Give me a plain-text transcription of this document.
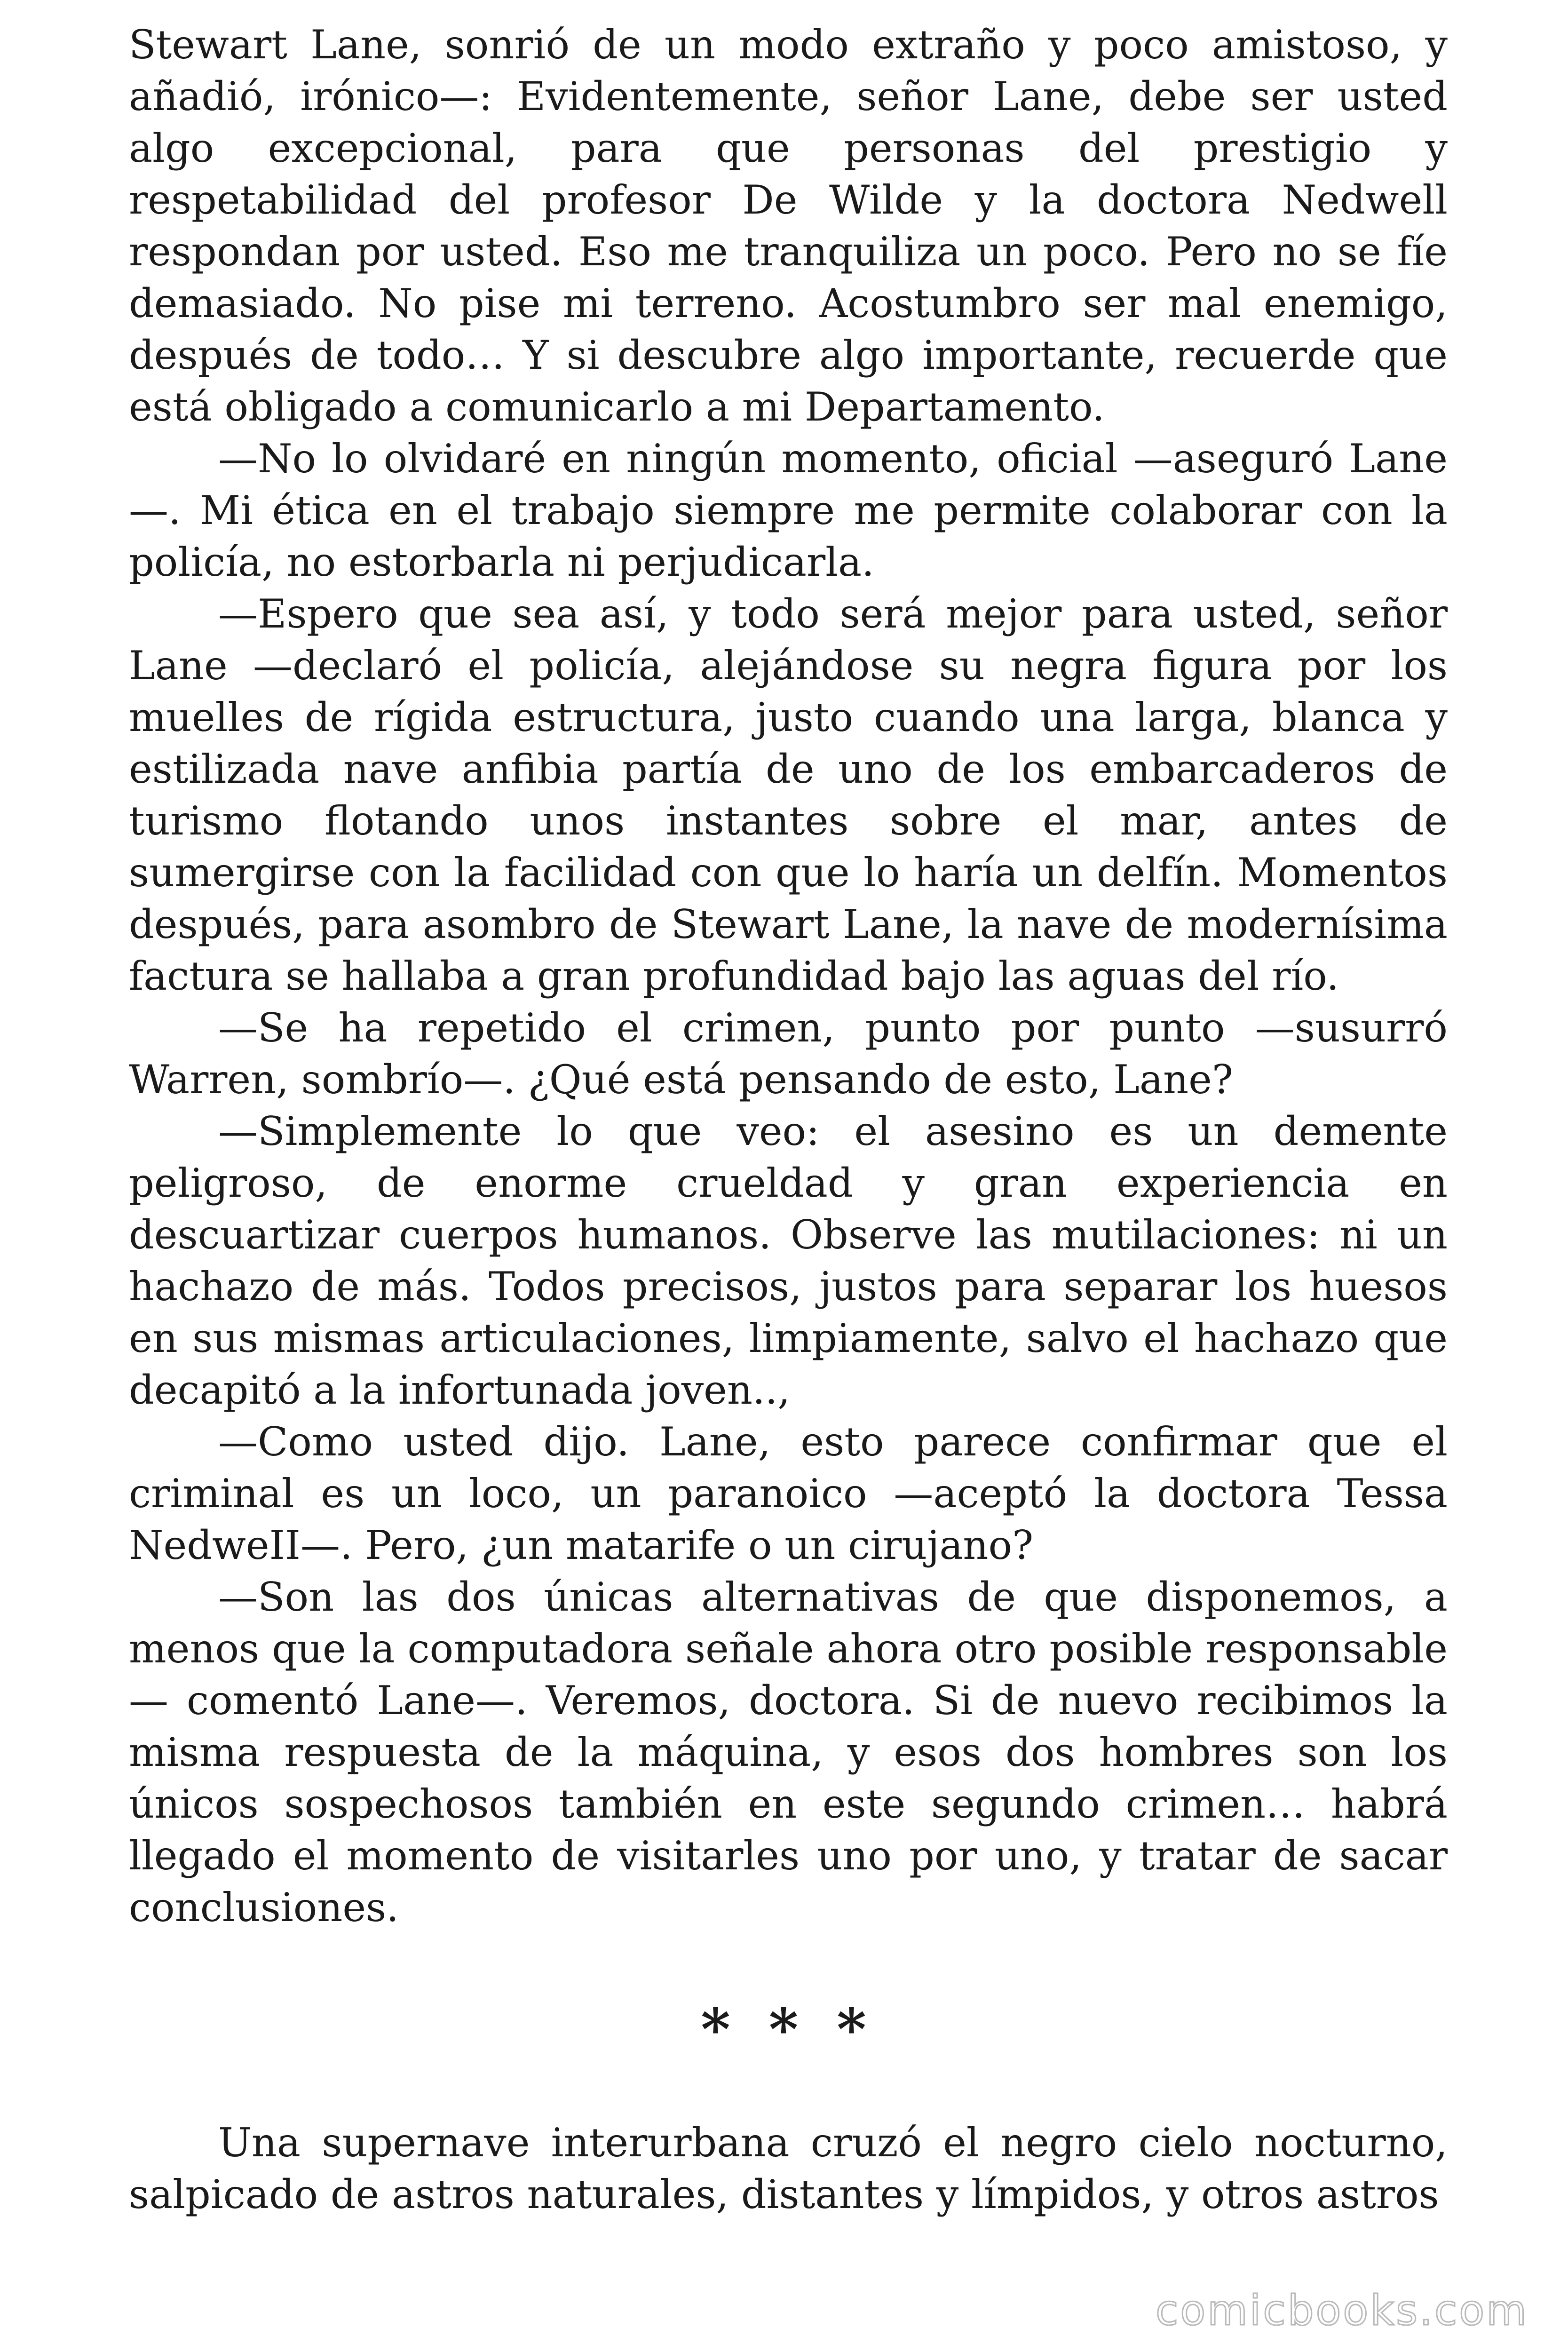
Stewart Lane, sonrió de un modo extraño y poco amistoso, y añadió, irónico—: Evidentemente, señor Lane, debe ser usted algo excepcional, para que personas del prestigio y respetabilidad del profesor De Wilde y la doctora Nedwell respondan por usted. Eso me tranquiliza un poco. Pero no se fíe demasiado. No pise mi terreno. Acostumbro ser mal enemigo, después de todo… Y si descubre algo importante, recuerde que está obligado a comunicarlo a mi Departamento.

—No lo olvidaré en ningún momento, oficial —aseguró Lane—. Mi ética en el trabajo siempre me permite colaborar con la policía, no estorbarla ni perjudicarla.

—Espero que sea así, y todo será mejor para usted, señor Lane —declaró el policía, alejándose su negra figura por los muelles de rígida estructura, justo cuando una larga, blanca y estilizada nave anfibia partía de uno de los embarcaderos de turismo flotando unos instantes sobre el mar, antes de sumergirse con la facilidad con que lo haría un delfín. Momentos después, para asombro de Stewart Lane, la nave de modernísima factura se hallaba a gran profundidad bajo las aguas del río.

—Se ha repetido el crimen, punto por punto —susurró Warren, sombrío—. ¿Qué está pensando de esto, Lane?

—Simplemente lo que veo: el asesino es un demente peligroso, de enorme crueldad y gran experiencia en descuartizar cuerpos humanos. Observe las mutilaciones: ni un hachazo de más. Todos precisos, justos para separar los huesos en sus mismas articulaciones, limpiamente, salvo el hachazo que decapitó a la infortunada joven..,

—Como usted dijo. Lane, esto parece confirmar que el criminal es un loco, un paranoico —aceptó la doctora Tessa NedweII—. Pero, ¿un matarife o un cirujano?

—Son las dos únicas alternativas de que disponemos, a menos que la computadora señale ahora otro posible responsable — comentó Lane—. Veremos, doctora. Si de nuevo recibimos la misma respuesta de la máquina, y esos dos hombres son los únicos sospechosos también en este segundo crimen… habrá llegado el momento de visitarles uno por uno, y tratar de sacar conclusiones.

* * *

Una supernave interurbana cruzó el negro cielo nocturno, salpicado de astros naturales, distantes y límpidos, y otros astros

comicbooks.com
